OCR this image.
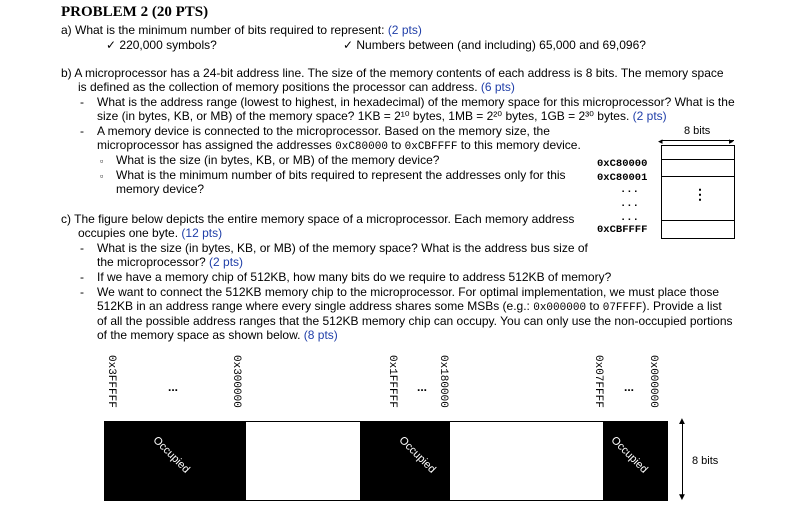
PROBLEM 2 (20 PTS)
a) What is the minimum number of bits required to represent: (2 pts)
✓ 220,000 symbols?	✓ Numbers between (and including) 65,000 and 69,096?
b) A microprocessor has a 24-bit address line. The size of the memory contents of each address is 8 bits. The memory space
is defined as the collection of memory positions the processor can address. (6 pts)
- What is the address range (lowest to highest, in hexadecimal) of the memory space for this microprocessor? What is the
size (in bytes, KB, or MB) of the memory space? 1KB = 2¹⁰ bytes, 1MB = 2²⁰ bytes, 1GB = 2³⁰ bytes. (2 pts)
- A memory device is connected to the microprocessor. Based on the memory size, the
microprocessor has assigned the addresses 0xC80000 to 0xCBFFFF to this memory device.
▫ What is the size (in bytes, KB, or MB) of the memory device?
▫ What is the minimum number of bits required to represent the addresses only for this
memory device?
8 bits
◂	▸
⋮
0xC80000
0xC80001
...
...
...
0xCBFFFF
c) The figure below depicts the entire memory space of a microprocessor. Each memory address
occupies one byte. (12 pts)
- What is the size (in bytes, KB, or MB) of the memory space? What is the address bus size of
the microprocessor? (2 pts)
- If we have a memory chip of 512KB, how many bits do we require to address 512KB of memory?
- We want to connect the 512KB memory chip to the microprocessor. For optimal implementation, we must place those
512KB in an address range where every single address shares some MSBs (e.g.: 0x000000 to 07FFFF). Provide a list
of all the possible address ranges that the 512KB memory chip can occupy. You can only use the non-occupied portions
of the memory space as shown below. (8 pts)
0x3FFFFF	0x300000	0x1FFFFF	0x180000	0x07FFFF	0x000000
...	...	...
Occupied	Occupied	Occupied
▲
▼
8 bits
